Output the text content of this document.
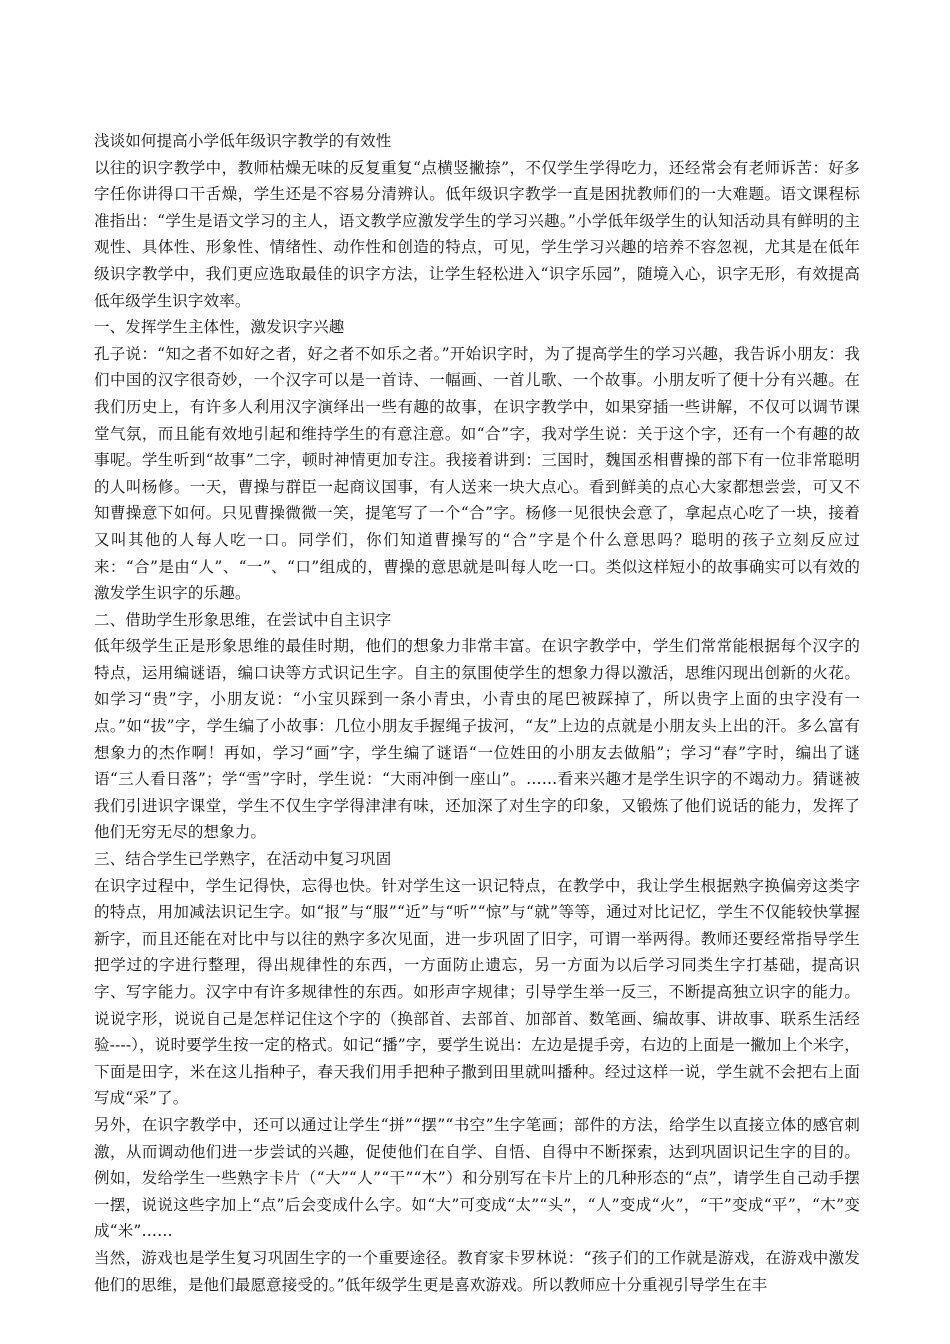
浅谈如何提高小学低年级识字教学的有效性

以往的识字教学中，教师枯燥无味的反复重复“点横竖撇捺”，不仅学生学得吃力，还经常会有老师诉苦：好多字任你讲得口干舌燥，学生还是不容易分清辨认。低年级识字教学一直是困扰教师们的一大难题。语文课程标准指出：“学生是语文学习的主人，语文教学应激发学生的学习兴趣。”小学低年级学生的认知活动具有鲜明的主观性、具体性、形象性、情绪性、动作性和创造的特点，可见，学生学习兴趣的培养不容忽视，尤其是在低年级识字教学中，我们更应选取最佳的识字方法，让学生轻松进入“识字乐园”，随境入心，识字无形，有效提高低年级学生识字效率。

一、发挥学生主体性，激发识字兴趣

孔子说：“知之者不如好之者，好之者不如乐之者。”开始识字时，为了提高学生的学习兴趣，我告诉小朋友：我们中国的汉字很奇妙，一个汉字可以是一首诗、一幅画、一首儿歌、一个故事。小朋友听了便十分有兴趣。在我们历史上，有许多人利用汉字演绎出一些有趣的故事，在识字教学中，如果穿插一些讲解，不仅可以调节课堂气氛，而且能有效地引起和维持学生的有意注意。如“合”字，我对学生说：关于这个字，还有一个有趣的故事呢。学生听到“故事”二字，顿时神情更加专注。我接着讲到：三国时，魏国丞相曹操的部下有一位非常聪明的人叫杨修。一天，曹操与群臣一起商议国事，有人送来一块大点心。看到鲜美的点心大家都想尝尝，可又不知曹操意下如何。只见曹操微微一笑，提笔写了一个“合”字。杨修一见很快会意了，拿起点心吃了一块，接着又叫其他的人每人吃一口。同学们，你们知道曹操写的“合”字是个什么意思吗？聪明的孩子立刻反应过来：“合”是由“人”、“一”、“口”组成的，曹操的意思就是叫每人吃一口。类似这样短小的故事确实可以有效的激发学生识字的乐趣。

二、借助学生形象思维，在尝试中自主识字

低年级学生正是形象思维的最佳时期，他们的想象力非常丰富。在识字教学中，学生们常常能根据每个汉字的特点，运用编谜语，编口诀等方式识记生字。自主的氛围使学生的想象力得以激活，思维闪现出创新的火花。如学习“贵”字，小朋友说：“小宝贝踩到一条小青虫，小青虫的尾巴被踩掉了，所以贵字上面的虫字没有一点。”如“拔”字，学生编了小故事：几位小朋友手握绳子拔河，“友”上边的点就是小朋友头上出的汗。多么富有想象力的杰作啊！再如，学习“画”字，学生编了谜语“一位姓田的小朋友去做船”；学习“春”字时，编出了谜语“三人看日落”；学“雪”字时，学生说：“大雨冲倒一座山”。……看来兴趣才是学生识字的不竭动力。猜谜被我们引进识字课堂，学生不仅生字学得津津有味，还加深了对生字的印象，又锻炼了他们说话的能力，发挥了他们无穷无尽的想象力。

三、结合学生已学熟字，在活动中复习巩固

在识字过程中，学生记得快，忘得也快。针对学生这一识记特点，在教学中，我让学生根据熟字换偏旁这类字的特点，用加减法识记生字。如“报”与“服”“近”与“听”“惊”与“就”等等，通过对比记忆，学生不仅能较快掌握新字，而且还能在对比中与以往的熟字多次见面，进一步巩固了旧字，可谓一举两得。教师还要经常指导学生把学过的字进行整理，得出规律性的东西，一方面防止遗忘，另一方面为以后学习同类生字打基础，提高识字、写字能力。汉字中有许多规律性的东西。如形声字规律；引导学生举一反三，不断提高独立识字的能力。说说字形，说说自己是怎样记住这个字的（换部首、去部首、加部首、数笔画、编故事、讲故事、联系生活经验----），说时要学生按一定的格式。如记“播”字，要学生说出：左边是提手旁，右边的上面是一撇加上个米字，下面是田字，米在这儿指种子，春天我们用手把种子撒到田里就叫播种。经过这样一说，学生就不会把右上面写成“采”了。

另外，在识字教学中，还可以通过让学生“拼”“摆”“书空”生字笔画；部件的方法，给学生以直接立体的感官刺激，从而调动他们进一步尝试的兴趣，促使他们在自学、自悟、自得中不断探索，达到巩固识记生字的目的。例如，发给学生一些熟字卡片（“大”“人”“干”“木”）和分别写在卡片上的几种形态的“点”，请学生自己动手摆一摆，说说这些字加上“点”后会变成什么字。如“大”可变成“太”“头”，“人”变成“火”，“干”变成“平”，“木”变成“米”……

当然，游戏也是学生复习巩固生字的一个重要途径。教育家卡罗林说：“孩子们的工作就是游戏，在游戏中激发他们的思维，是他们最愿意接受的。”低年级学生更是喜欢游戏。所以教师应十分重视引导学生在丰
